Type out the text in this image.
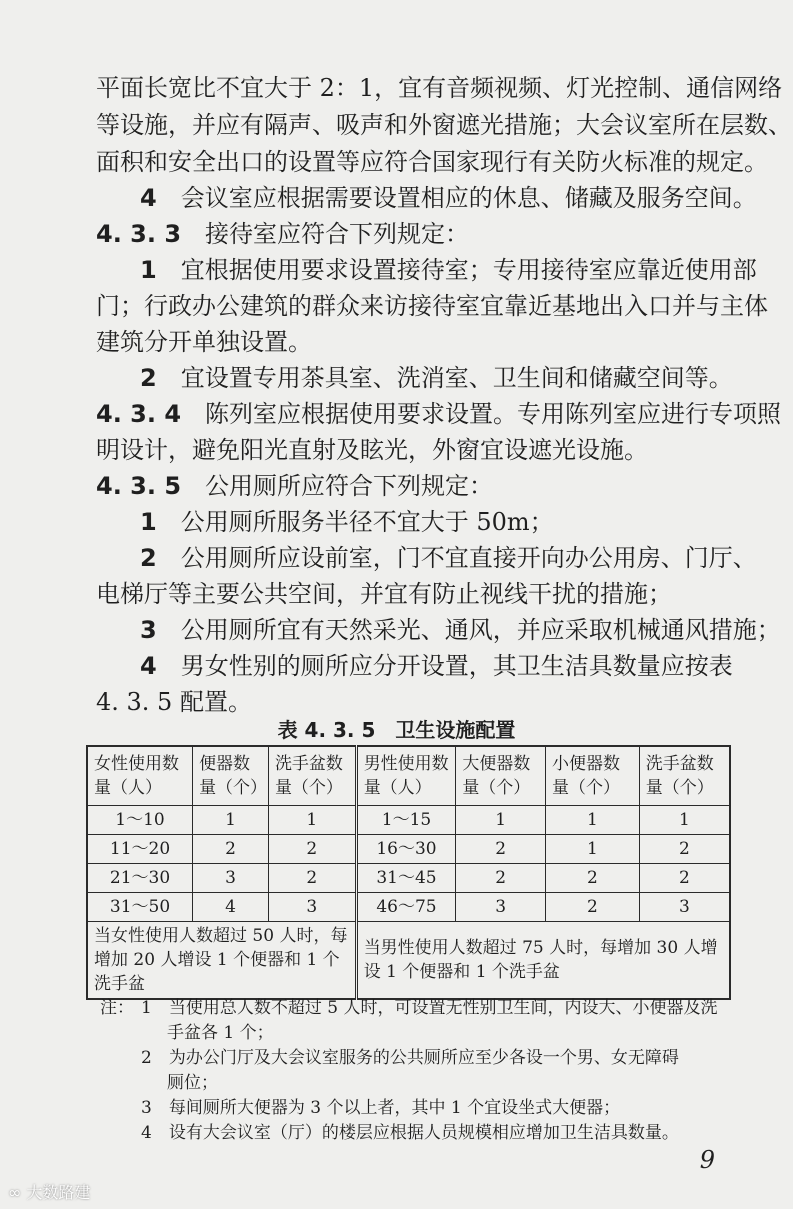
平面长宽比不宜大于 2：1，宜有音频视频、灯光控制、通信网络
等设施，并应有隔声、吸声和外窗遮光措施；大会议室所在层数、
面积和安全出口的设置等应符合国家现行有关防火标准的规定。
4　 会议室应根据需要设置相应的休息、储藏及服务空间。
4. 3. 3　 接待室应符合下列规定：
1　 宜根据使用要求设置接待室；专用接待室应靠近使用部
门；行政办公建筑的群众来访接待室宜靠近基地出入口并与主体
建筑分开单独设置。
2　 宜设置专用茶具室、洗消室、卫生间和储藏空间等。
4. 3. 4　 陈列室应根据使用要求设置。专用陈列室应进行专项照
明设计，避免阳光直射及眩光，外窗宜设遮光设施。
4. 3. 5　 公用厕所应符合下列规定：
1　 公用厕所服务半径不宜大于 50m；
2　 公用厕所应设前室，门不宜直接开向办公用房、门厅、
电梯厅等主要公共空间，并宜有防止视线干扰的措施；
3　 公用厕所宜有天然采光、通风，并应采取机械通风措施；
4　 男女性别的厕所应分开设置，其卫生洁具数量应按表
4. 3. 5 配置。
表 4. 3. 5　卫生设施配置
女性使用数量（人）	便器数量（个）	洗手盆数量（个）	男性使用数量（人）	大便器数量（个）	小便器数量（个）	洗手盆数量（个）
1～10	1	1	1～15	1	1	1
11～20	2	2	16～30	2	1	2
21～30	3	2	31～45	2	2	2
31～50	4	3	46～75	3	2	3
当女性使用人数超过 50 人时，每增加 20 人增设 1 个便器和 1 个洗手盆			当男性使用人数超过 75 人时，每增加 30 人增设 1 个便器和 1 个洗手盆			
注： 1　 当使用总人数不超过 5 人时，可设置无性别卫生间，内设大、小便器及洗
手盆各 1 个；
2　 为办公门厅及大会议室服务的公共厕所应至少各设一个男、女无障碍
厕位；
3　 每间厕所大便器为 3 个以上者，其中 1 个宜设坐式大便器；
4　 设有大会议室（厅）的楼层应根据人员规模相应增加卫生洁具数量。
9
∞ 大数路建
